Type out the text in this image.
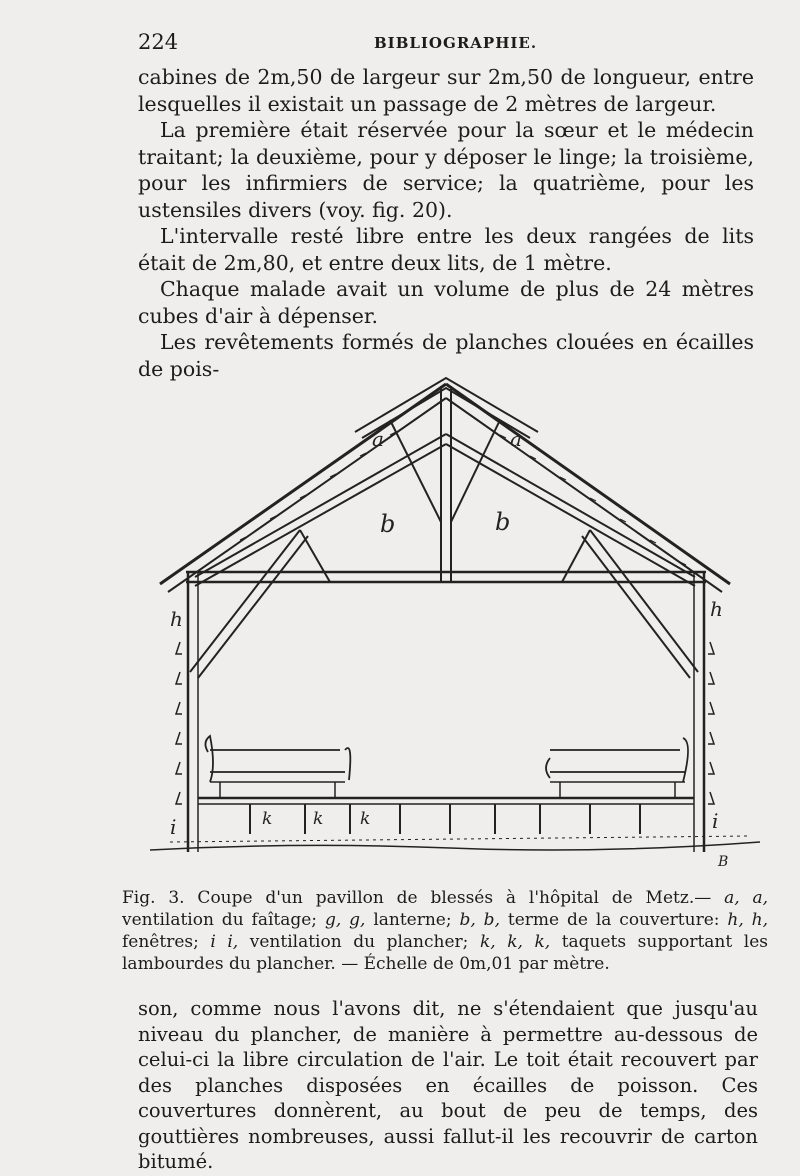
224	BIBLIOGRAPHIE.

cabines de 2m,50 de largeur sur 2m,50 de longueur, entre lesquelles il existait un passage de 2 mètres de largeur.

La première était réservée pour la sœur et le médecin traitant; la deuxième, pour y déposer le linge; la troisième, pour les infirmiers de service; la quatrième, pour les ustensiles divers (voy. fig. 20).

L'intervalle resté libre entre les deux rangées de lits était de 2m,80, et entre deux lits, de 1 mètre.

Chaque malade avait un volume de plus de 24 mètres cubes d'air à dépenser.

Les revêtements formés de planches clouées en écailles de pois-

a	a
b	b
h	h
i	i
k k k
B
Fig. 3. Coupe d'un pavillon de blessés à l'hôpital de Metz.— a, a, ventilation du faîtage; g, g, lanterne; b, b, terme de la couverture: h, h, fenêtres; i i, ventilation du plancher; k, k, k, taquets supportant les lambourdes du plancher. — Échelle de 0m,01 par mètre.

son, comme nous l'avons dit, ne s'étendaient que jusqu'au niveau du plancher, de manière à permettre au-dessous de celui-ci la libre circulation de l'air. Le toit était recouvert par des planches disposées en écailles de poisson. Ces couvertures donnèrent, au bout de peu de temps, des gouttières nombreuses, aussi fallut-il les recouvrir de carton bitumé.
